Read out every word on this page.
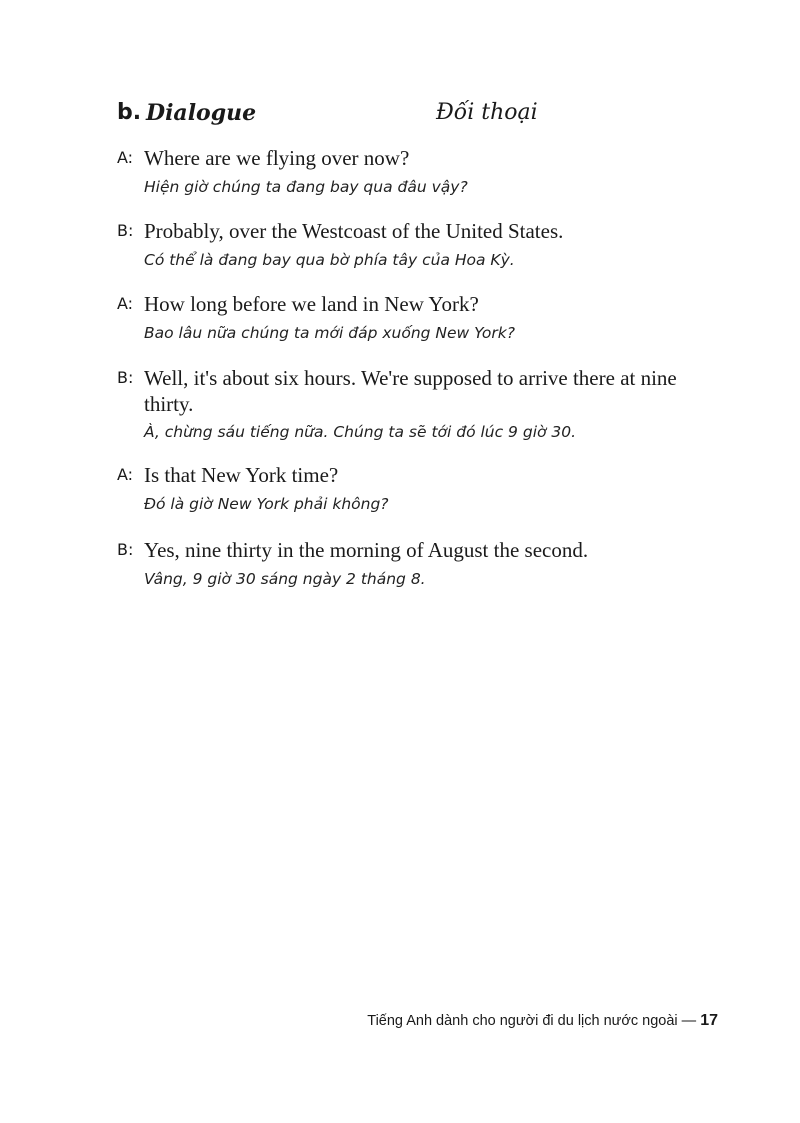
b. Dialogue	Đối thoại
A: Where are we flying over now?
Hiện giờ chúng ta đang bay qua đâu vậy?
B: Probably, over the Westcoast of the United States.
Có thể là đang bay qua bờ phía tây của Hoa Kỳ.
A: How long before we land in New York?
Bao lâu nữa chúng ta mới đáp xuống New York?
B: Well, it's about six hours. We're supposed to arrive there at nine thirty.
À, chừng sáu tiếng nữa. Chúng ta sẽ tới đó lúc 9 giờ 30.
A: Is that New York time?
Đó là giờ New York phải không?
B: Yes, nine thirty in the morning of August the second.
Vâng, 9 giờ 30 sáng ngày 2 tháng 8.
Tiếng Anh dành cho người đi du lịch nước ngoài — 17
